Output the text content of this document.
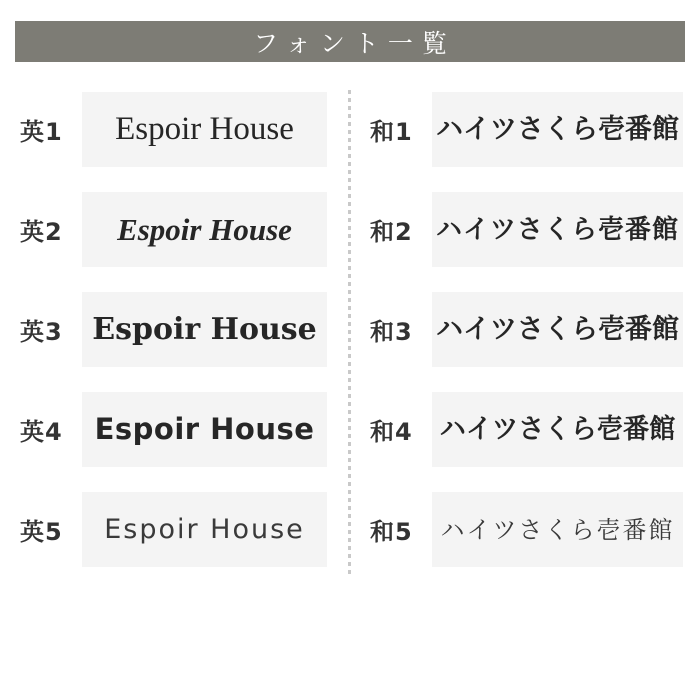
フォント一覧
英1	Espoir House
英2	Espoir House
英3 Espoir House
英4	Espoir House
英5	Espoir House
和1 ハイツさくら壱番館
和2 ハイツさくら壱番館
和3 ハイツさくら壱番館
和4 ハイツさくら壱番館
和5	ハイツさくら壱番館
